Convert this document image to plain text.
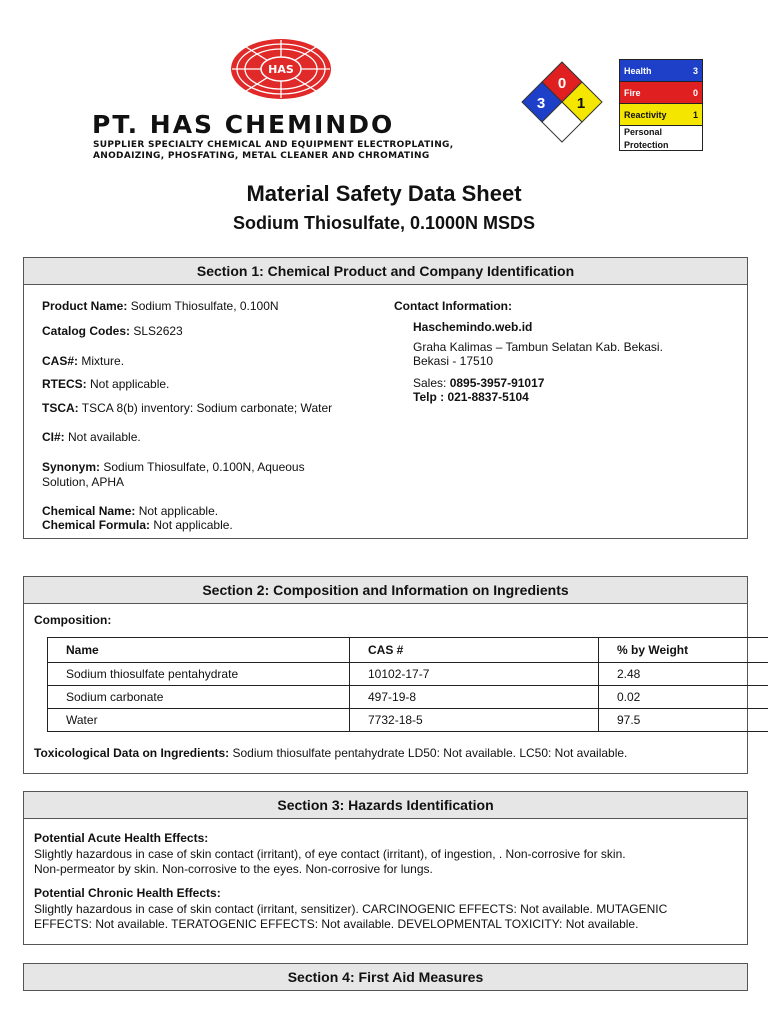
HAS
PT. HAS CHEMINDO
SUPPLIER SPECIALTY CHEMICAL AND EQUIPMENT ELECTROPLATING,
ANODAIZING, PHOSFATING, METAL CLEANER AND CHROMATING
0
3 1
Health	3
Fire	0
Reactivity	1
Personal
Protection
Material Safety Data Sheet
Sodium Thiosulfate, 0.1000N MSDS
Section 1: Chemical Product and Company Identification
Product Name: Sodium Thiosulfate, 0.100N
Catalog Codes: SLS2623
CAS#: Mixture.
RTECS: Not applicable.
TSCA: TSCA 8(b) inventory: Sodium carbonate; Water
CI#: Not available.
Synonym: Sodium Thiosulfate, 0.100N, Aqueous
Solution, APHA
Chemical Name: Not applicable.
Chemical Formula: Not applicable.
Contact Information:
Haschemindo.web.id
Graha Kalimas – Tambun Selatan Kab. Bekasi.
Bekasi - 17510
Sales: 0895-3957-91017
Telp : 021-8837-5104
Section 2: Composition and Information on Ingredients
Composition:
Name	CAS #	% by Weight
Sodium thiosulfate pentahydrate	10102-17-7	2.48
Sodium carbonate	497-19-8	0.02
Water	7732-18-5	97.5
Toxicological Data on Ingredients: Sodium thiosulfate pentahydrate LD50: Not available. LC50: Not available.
Section 3: Hazards Identification
Potential Acute Health Effects:
Slightly hazardous in case of skin contact (irritant), of eye contact (irritant), of ingestion, . Non-corrosive for skin.
Non-permeator by skin. Non-corrosive to the eyes. Non-corrosive for lungs.
Potential Chronic Health Effects:
Slightly hazardous in case of skin contact (irritant, sensitizer). CARCINOGENIC EFFECTS: Not available. MUTAGENIC
EFFECTS: Not available. TERATOGENIC EFFECTS: Not available. DEVELOPMENTAL TOXICITY: Not available.
Section 4: First Aid Measures
